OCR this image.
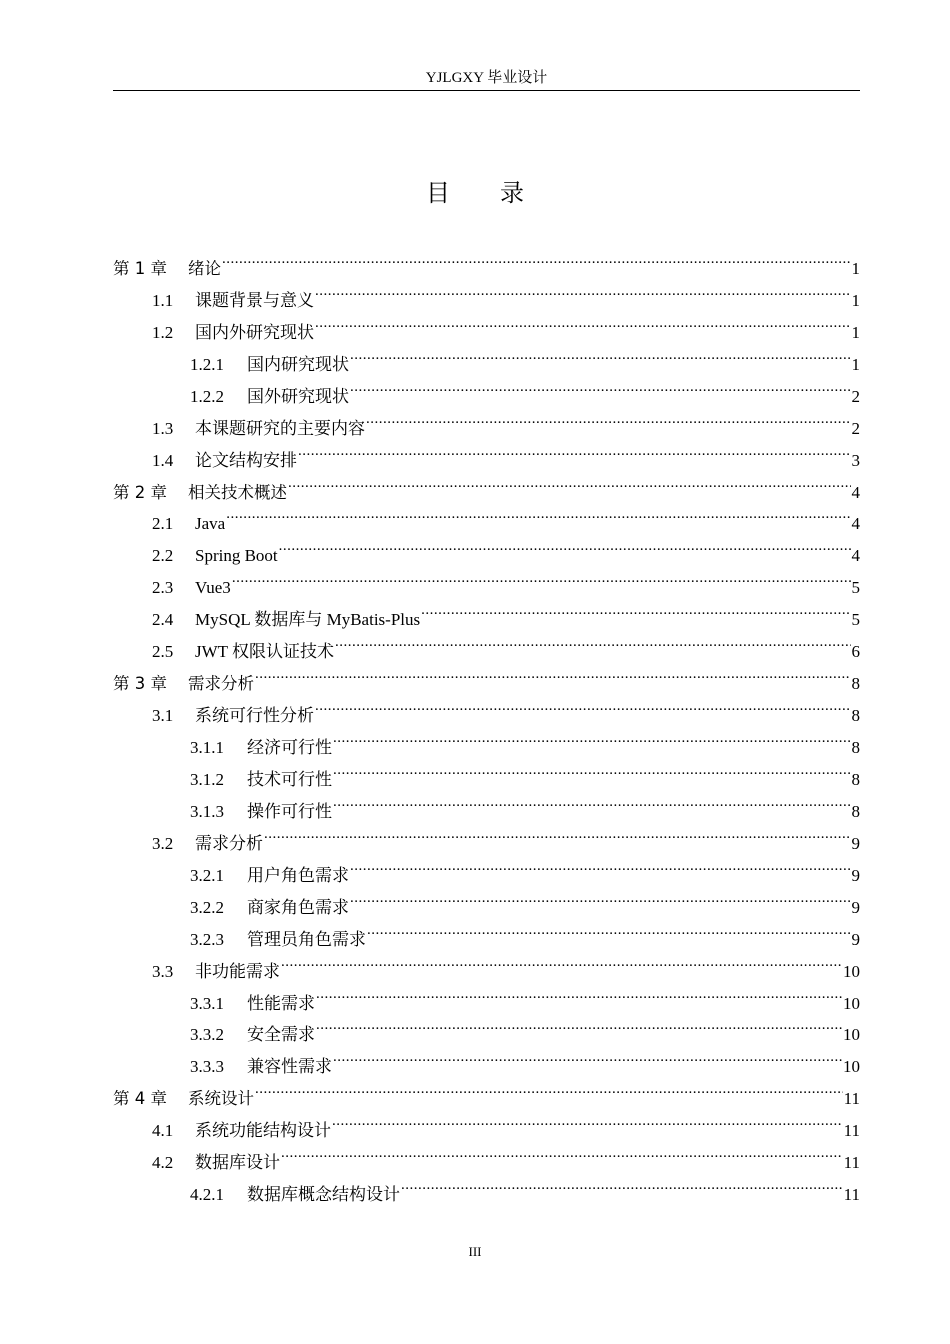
YJLGXY 毕业设计
目 录
第 1 章	绪论 .....	1
1.1	课题背景与意义 .....	1
1.2	国内外研究现状 .....	1
1.2.1	国内研究现状 .....	1
1.2.2	国外研究现状 .....	2
1.3	本课题研究的主要内容 .....	2
1.4	论文结构安排 .....	3
第 2 章	相关技术概述 .....	4
2.1	Java .....	4
2.2	Spring Boot .....	4
2.3	Vue3 .....	5
2.4	MySQL 数据库与 MyBatis-Plus .....	5
2.5	JWT 权限认证技术 .....	6
第 3 章	需求分析 .....	8
3.1	系统可行性分析 .....	8
3.1.1	经济可行性 .....	8
3.1.2	技术可行性 .....	8
3.1.3	操作可行性 .....	8
3.2	需求分析 .....	9
3.2.1	用户角色需求 .....	9
3.2.2	商家角色需求 .....	9
3.2.3	管理员角色需求 .....	9
3.3	非功能需求 .....	10
3.3.1	性能需求 .....	10
3.3.2	安全需求 .....	10
3.3.3	兼容性需求 .....	10
第 4 章	系统设计 .....	11
4.1	系统功能结构设计 .....	11
4.2	数据库设计 .....	11
4.2.1	数据库概念结构设计 .....	11
III
